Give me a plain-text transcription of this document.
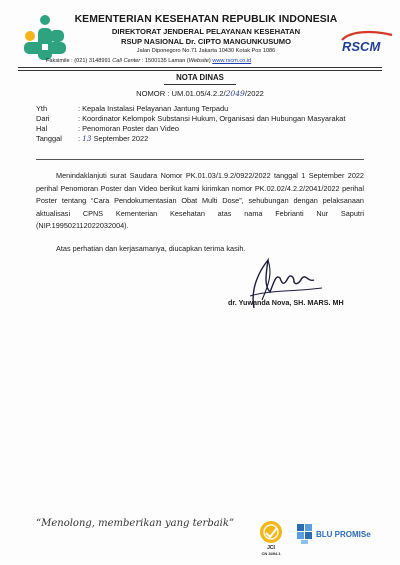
KEMENTERIAN KESEHATAN REPUBLIK INDONESIA
DIREKTORAT JENDERAL PELAYANAN KESEHATAN
RSUP NASIONAL Dr. CIPTO MANGUNKUSUMO
Jalan Diponegoro No.71 Jakarta 10430 Kotak Pos 1086
Faksimile : (021) 3148991 Call Center : 1500135 Laman (Website) www.rscm.co.id
RSCM
NOTA DINAS
NOMOR : UM.01.05/4.2.2/2049/2022
Yth	: Kepala Instalasi Pelayanan Jantung Terpadu
Dari	: Koordinator Kelompok Substansi Hukum, Organisasi dan Hubungan Masyarakat
Hal	: Penomoran Poster dan Video
Tanggal	: 13 September 2022

Menindaklanjuti surat Saudara Nomor PK.01.03/1.9.2/0922/2022 tanggal 1 September 2022 perihal Penomoran Poster dan Video berikut kami kirimkan nomor PK.02.02/4.2.2/2041/2022 perihal Poster tentang “Cara Pendokumentasian Obat Multi Dose”, sehubungan dengan pelaksanaan aktualisasi CPNS Kementerian Kesehatan atas nama Febrianti Nur Saputri (NIP.199502112022032004).

Atas perhatian dan kerjasamanya, diucapkan terima kasih.

dr. Yuwanda Nova, SH. MARS. MH
“Menolong, memberikan yang terbaik”
JCI
CN 3494.1
BLU PROMISe
